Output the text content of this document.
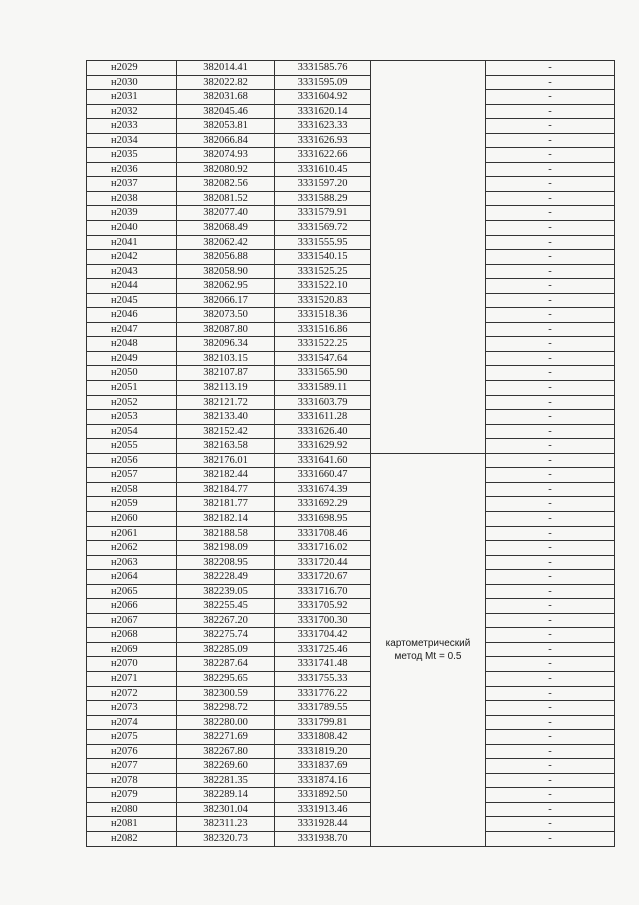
н2029	382014.41	3331585.76		-
н2030	382022.82	3331595.09		-
н2031	382031.68	3331604.92		-
н2032	382045.46	3331620.14		-
н2033	382053.81	3331623.33		-
н2034	382066.84	3331626.93		-
н2035	382074.93	3331622.66		-
н2036	382080.92	3331610.45		-
н2037	382082.56	3331597.20		-
н2038	382081.52	3331588.29		-
н2039	382077.40	3331579.91		-
н2040	382068.49	3331569.72		-
н2041	382062.42	3331555.95		-
н2042	382056.88	3331540.15		-
н2043	382058.90	3331525.25		-
н2044	382062.95	3331522.10		-
н2045	382066.17	3331520.83		-
н2046	382073.50	3331518.36		-
н2047	382087.80	3331516.86		-
н2048	382096.34	3331522.25		-
н2049	382103.15	3331547.64		-
н2050	382107.87	3331565.90		-
н2051	382113.19	3331589.11		-
н2052	382121.72	3331603.79		-
н2053	382133.40	3331611.28		-
н2054	382152.42	3331626.40		-
н2055	382163.58	3331629.92		-
н2056	382176.01	3331641.60	картометрический метод Mt = 0.5	-
н2057	382182.44	3331660.47		-
н2058	382184.77	3331674.39		-
н2059	382181.77	3331692.29		-
н2060	382182.14	3331698.95		-
н2061	382188.58	3331708.46		-
н2062	382198.09	3331716.02		-
н2063	382208.95	3331720.44		-
н2064	382228.49	3331720.67		-
н2065	382239.05	3331716.70		-
н2066	382255.45	3331705.92		-
н2067	382267.20	3331700.30		-
н2068	382275.74	3331704.42		-
н2069	382285.09	3331725.46		-
н2070	382287.64	3331741.48		-
н2071	382295.65	3331755.33		-
н2072	382300.59	3331776.22		-
н2073	382298.72	3331789.55		-
н2074	382280.00	3331799.81		-
н2075	382271.69	3331808.42		-
н2076	382267.80	3331819.20		-
н2077	382269.60	3331837.69		-
н2078	382281.35	3331874.16		-
н2079	382289.14	3331892.50		-
н2080	382301.04	3331913.46		-
н2081	382311.23	3331928.44		-
н2082	382320.73	3331938.70		-
